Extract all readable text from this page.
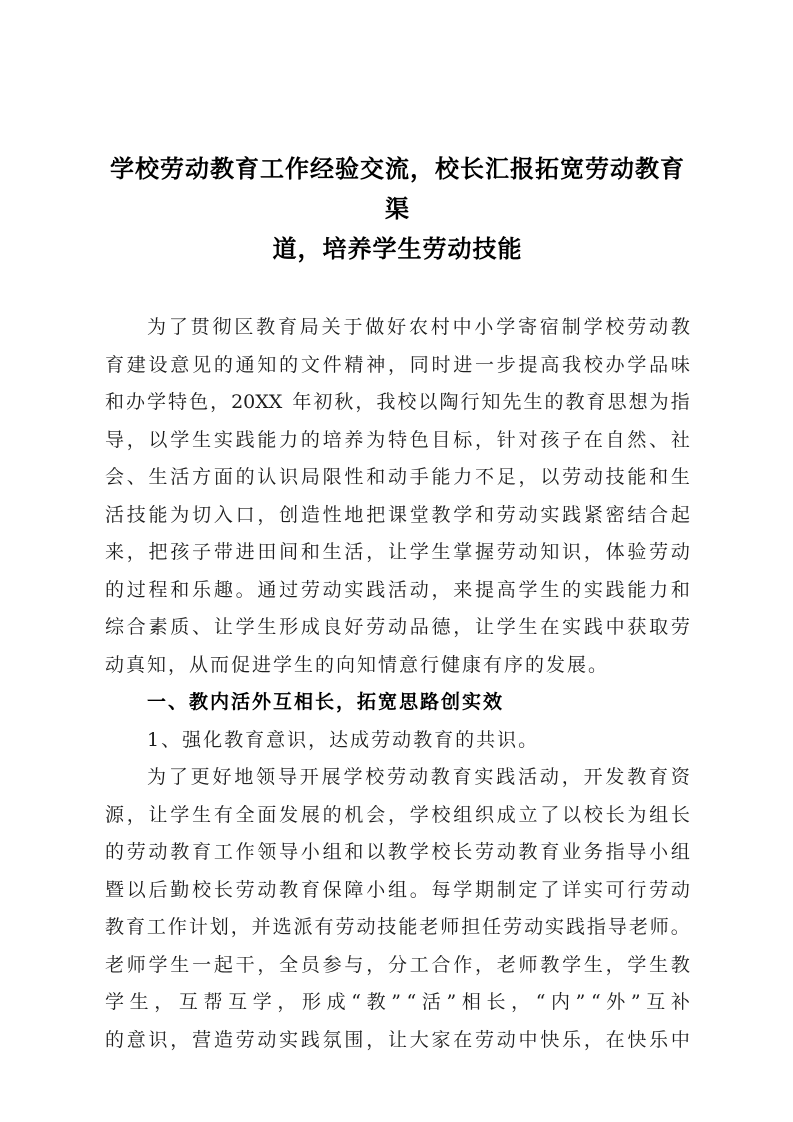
学校劳动教育工作经验交流，校长汇报拓宽劳动教育渠
道，培养学生劳动技能
为 了 贯 彻 区 教 育 局 关 于 做 好 农 村 中 小 学 寄 宿 制 学 校 劳 动 教
育 建 设 意 见 的 通 知 的 文 件 精 神 ， 同 时 进 一 步 提 高 我 校 办 学 品 味
和 办 学 特 色 ， 20XX
年 初 秋 ， 我 校 以 陶 行 知 先 生 的 教 育 思 想 为 指
导 ， 以 学 生 实 践 能 力 的 培 养 为 特 色 目 标 ， 针 对 孩 子 在 自 然 、 社
会 、 生 活 方 面 的 认 识 局 限 性 和 动 手 能 力 不 足 ， 以 劳 动 技 能 和 生
活 技 能 为 切 入 口 ， 创 造 性 地 把 课 堂 教 学 和 劳 动 实 践 紧 密 结 合 起
来 ， 把 孩 子 带 进 田 间 和 生 活 ， 让 学 生 掌 握 劳 动 知 识 ， 体 验 劳 动
的 过 程 和 乐 趣 。 通 过 劳 动 实 践 活 动 ， 来 提 高 学 生 的 实 践 能 力 和
综 合 素 质 、 让 学 生 形 成 良 好 劳 动 品 德 ， 让 学 生 在 实 践 中 获 取 劳
动真知，从而促进学生的向知情意行健康有序的发展。
一、教内活外互相长，拓宽思路创实效
1、强化教育意识，达成劳动教育的共识。
为 了 更 好 地 领 导 开 展 学 校 劳 动 教 育 实 践 活 动 ， 开 发 教 育 资
源 ， 让 学 生 有 全 面 发 展 的 机 会 ， 学 校 组 织 成 立 了 以 校 长 为 组 长
的 劳 动 教 育 工 作 领 导 小 组 和 以 教 学 校 长 劳 动 教 育 业 务 指 导 小 组
暨 以 后 勤 校 长 劳 动 教 育 保 障 小 组 。 每 学 期 制 定 了 详 实 可 行 劳 动
教 育 工 作 计 划 ， 并 选 派 有 劳 动 技 能 老 师 担 任 劳 动 实 践 指 导 老 师 。
老 师 学 生 一 起 干 ， 全 员 参 与 ， 分 工 合 作 ， 老 师 教 学 生 ， 学 生 教
学 生 ， 互 帮 互 学 ， 形 成 “ 教 ” “ 活 ” 相 长 ， “ 内 ” “ 外 ” 互 补
的 意 识 ， 营 造 劳 动 实 践 氛 围 ， 让 大 家 在 劳 动 中 快 乐 ， 在 快 乐 中
